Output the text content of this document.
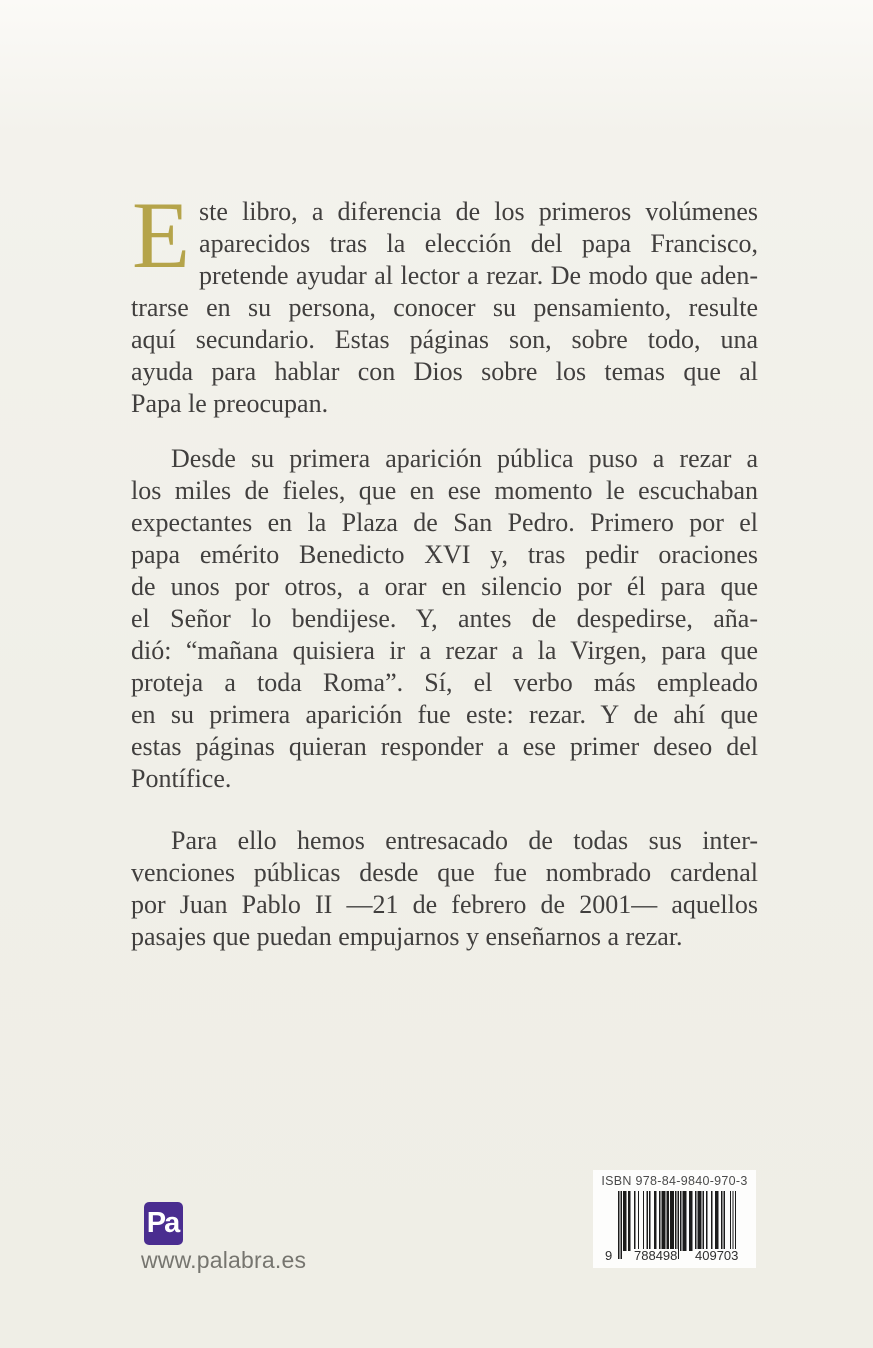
E ste libro, a diferencia de los primeros volúmenes
aparecidos tras la elección del papa Francisco,
pretende ayudar al lector a rezar. De modo que aden-
trarse en su persona, conocer su pensamiento, resulte
aquí secundario. Estas páginas son, sobre todo, una
ayuda para hablar con Dios sobre los temas que al
Papa le preocupan.
Desde su primera aparición pública puso a rezar a
los miles de fieles, que en ese momento le escuchaban
expectantes en la Plaza de San Pedro. Primero por el
papa emérito Benedicto XVI y, tras pedir oraciones
de unos por otros, a orar en silencio por él para que
el Señor lo bendijese. Y, antes de despedirse, aña-
dió: “mañana quisiera ir a rezar a la Virgen, para que
proteja a toda Roma”. Sí, el verbo más empleado
en su primera aparición fue este: rezar. Y de ahí que
estas páginas quieran responder a ese primer deseo del
Pontífice.
Para ello hemos entresacado de todas sus inter-
venciones públicas desde que fue nombrado cardenal
por Juan Pablo II —21 de febrero de 2001— aquellos
pasajes que puedan empujarnos y enseñarnos a rezar.
Pa
www.palabra.es
ISBN 978-84-9840-970-3
9 788498 409703
